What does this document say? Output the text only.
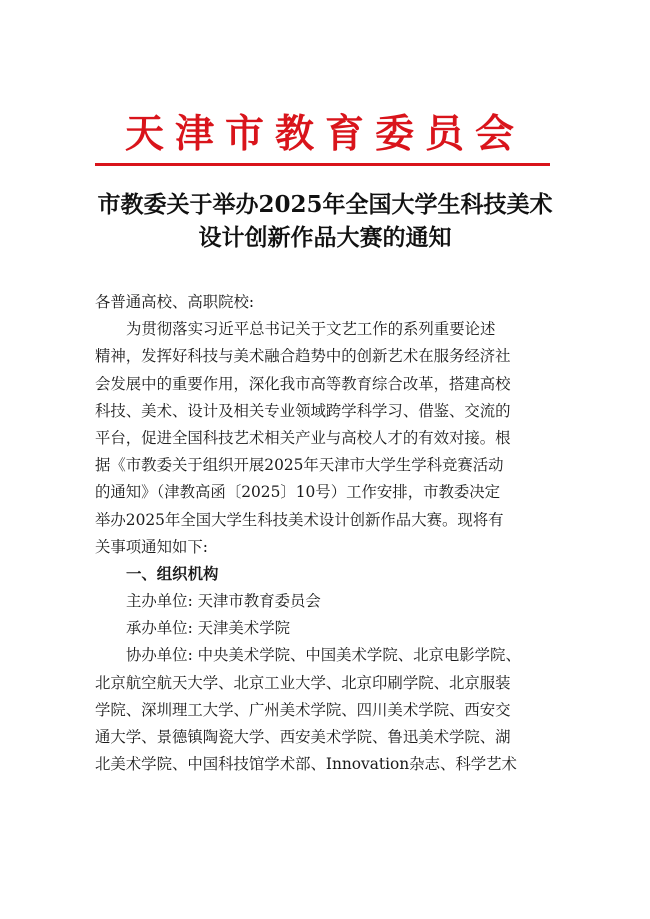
天津市教育委员会
市教委关于举办2025年全国大学生科技美术
设计创新作品大赛的通知
各普通高校、高职院校:
为贯彻落实习近平总书记关于文艺工作的系列重要论述
精神，发挥好科技与美术融合趋势中的创新艺术在服务经济社
会发展中的重要作用，深化我市高等教育综合改革，搭建高校
科技、美术、设计及相关专业领域跨学科学习、借鉴、交流的
平台，促进全国科技艺术相关产业与高校人才的有效对接。根
据《市教委关于组织开展2025年天津市大学生学科竞赛活动
的通知》（津教高函〔2025〕10号）工作安排，市教委决定
举办2025年全国大学生科技美术设计创新作品大赛。现将有
关事项通知如下:
一、组织机构
主办单位: 天津市教育委员会
承办单位: 天津美术学院
协办单位: 中央美术学院、中国美术学院、北京电影学院、
北京航空航天大学、北京工业大学、北京印刷学院、北京服装
学院、深圳理工大学、广州美术学院、四川美术学院、西安交
通大学、景德镇陶瓷大学、西安美术学院、鲁迅美术学院、湖
北美术学院、中国科技馆学术部、Innovation杂志、科学艺术
